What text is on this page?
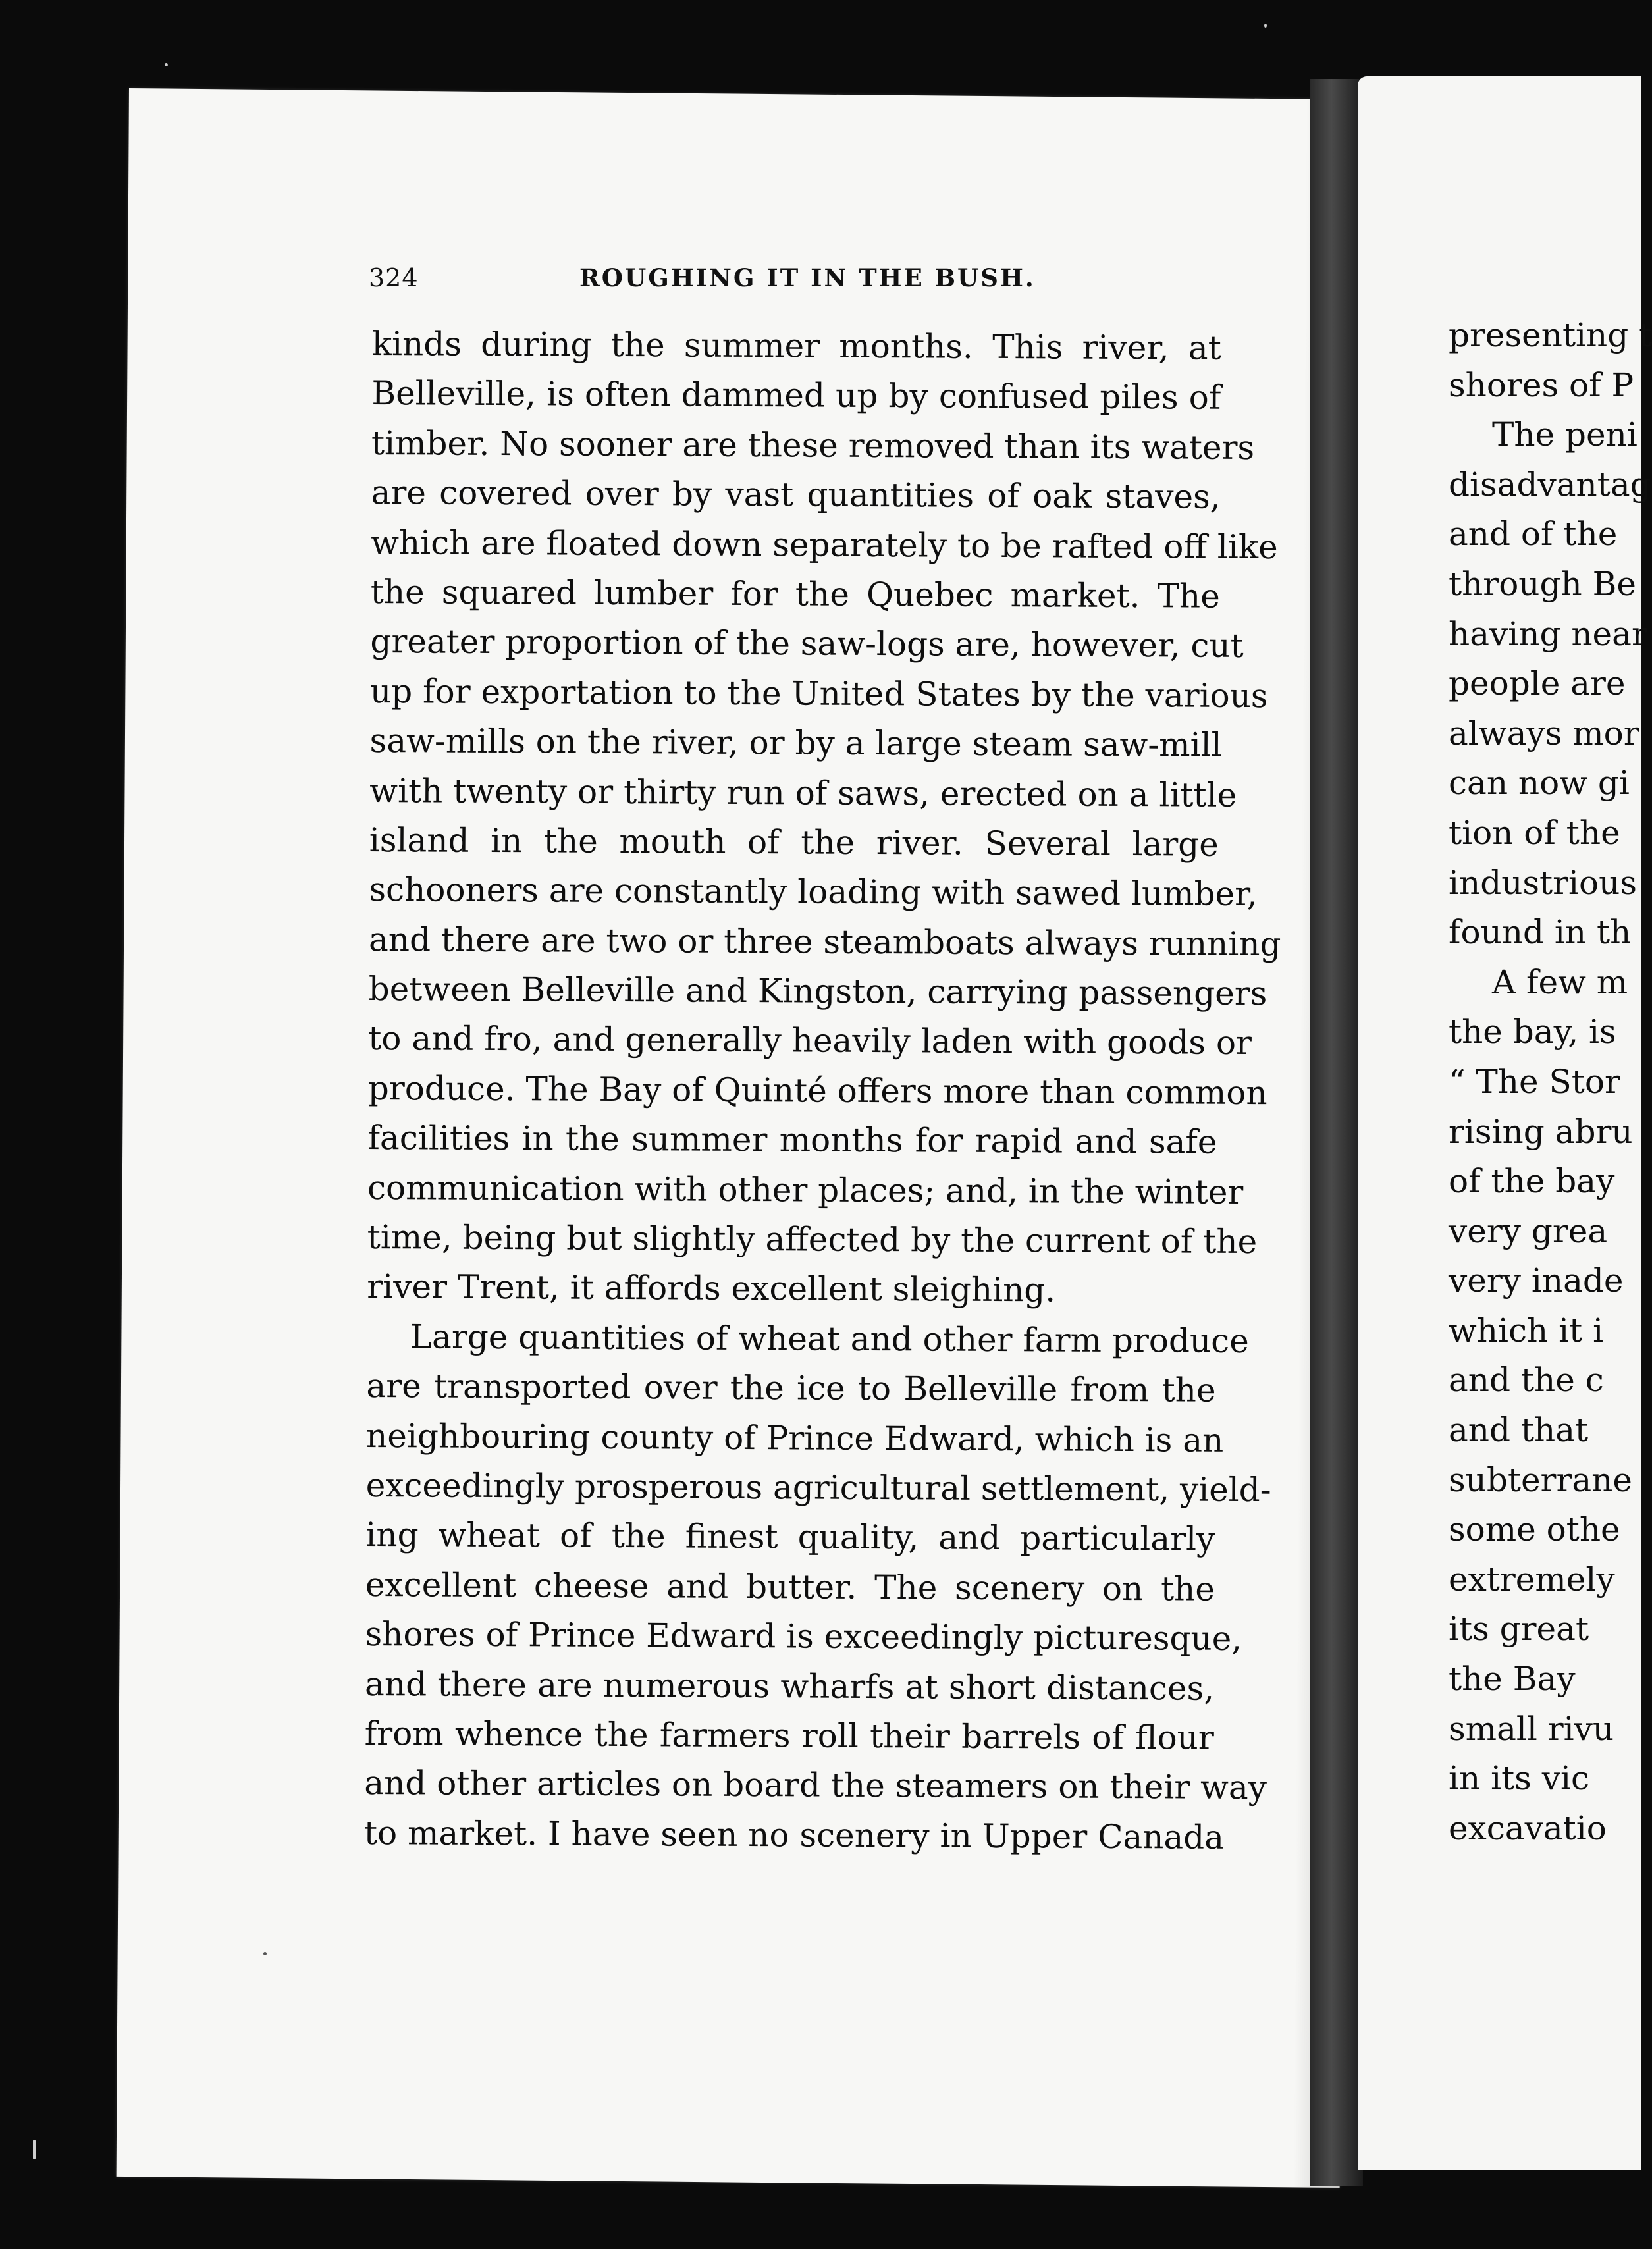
324	ROUGHING IT IN THE BUSH.
kinds during the summer months. This river, at
Belleville, is often dammed up by confused piles of
timber. No sooner are these removed than its waters
are covered over by vast quantities of oak staves,
which are floated down separately to be rafted off like
the squared lumber for the Quebec market. The
greater proportion of the saw-logs are, however, cut
up for exportation to the United States by the various
saw-mills on the river, or by a large steam saw-mill
with twenty or thirty run of saws, erected on a little
island in the mouth of the river. Several large
schooners are constantly loading with sawed lumber,
and there are two or three steamboats always running
between Belleville and Kingston, carrying passengers
to and fro, and generally heavily laden with goods or
produce. The Bay of Quinté offers more than common
facilities in the summer months for rapid and safe
communication with other places; and, in the winter
time, being but slightly affected by the current of the
river Trent, it affords excellent sleighing.
Large quantities of wheat and other farm produce
are transported over the ice to Belleville from the
neighbouring county of Prince Edward, which is an
exceedingly prosperous agricultural settlement, yield-
ing wheat of the finest quality, and particularly
excellent cheese and butter. The scenery on the
shores of Prince Edward is exceedingly picturesque,
and there are numerous wharfs at short distances,
from whence the farmers roll their barrels of flour
and other articles on board the steamers on their way
to market. I have seen no scenery in Upper Canada
presenting t
shores of P
The peni
disadvantag
and of the
through Be
having near
people are
always mor
can now gi
tion of the
industrious
found in th
A few m
the bay, is
“ The Stor
rising abru
of the bay
very grea
very inade
which it i
and the c
and that
subterrane
some othe
extremely
its great
the Bay
small rivu
in its vic
excavatio
